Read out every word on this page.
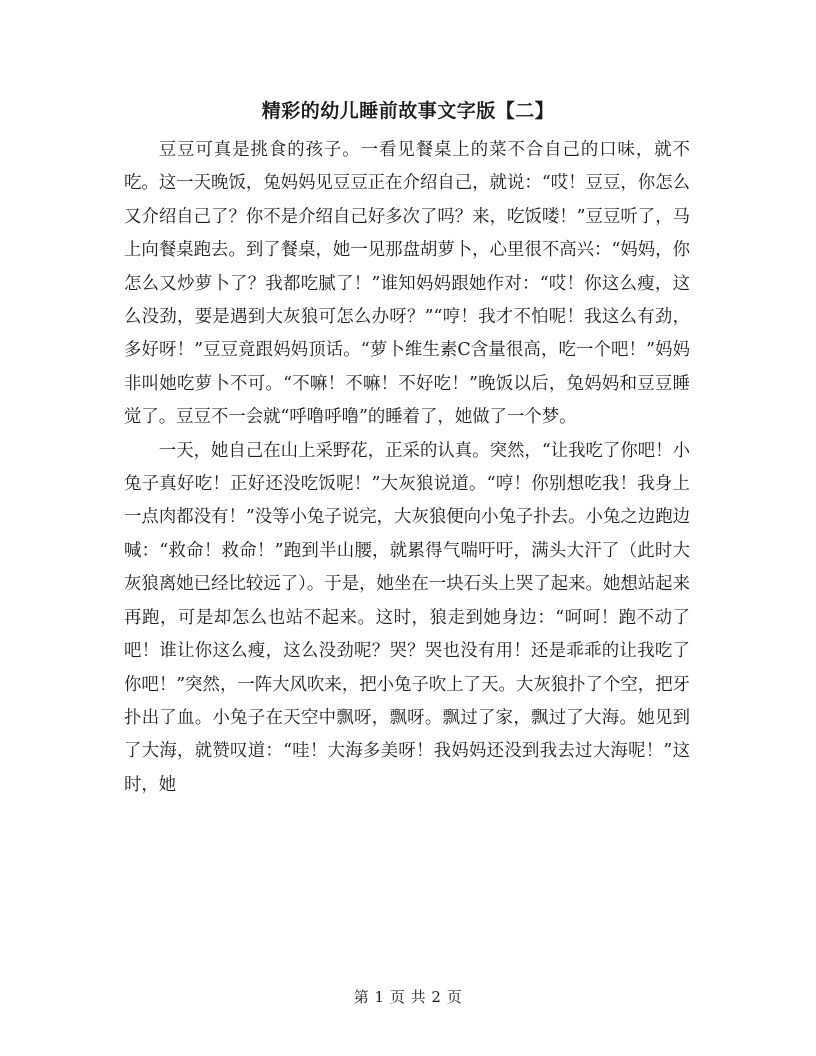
精彩的幼儿睡前故事文字版【二】

豆豆可真是挑食的孩子。一看见餐桌上的菜不合自己的口味，就不吃。这一天晚饭，兔妈妈见豆豆正在介绍自己，就说：“哎！豆豆，你怎么又介绍自己了？你不是介绍自己好多次了吗？来，吃饭喽！”豆豆听了，马上向餐桌跑去。到了餐桌，她一见那盘胡萝卜，心里很不高兴：“妈妈，你怎么又炒萝卜了？我都吃腻了！”谁知妈妈跟她作对：“哎！你这么瘦，这么没劲，要是遇到大灰狼可怎么办呀？”“哼！我才不怕呢！我这么有劲，多好呀！”豆豆竟跟妈妈顶话。“萝卜维生素C含量很高，吃一个吧！”妈妈非叫她吃萝卜不可。“不嘛！不嘛！不好吃！”晚饭以后，兔妈妈和豆豆睡觉了。豆豆不一会就“呼噜呼噜”的睡着了，她做了一个梦。

一天，她自己在山上采野花，正采的认真。突然，“让我吃了你吧！小兔子真好吃！正好还没吃饭呢！”大灰狼说道。“哼！你别想吃我！我身上一点肉都没有！”没等小兔子说完，大灰狼便向小兔子扑去。小兔之边跑边喊：“救命！救命！”跑到半山腰，就累得气喘吁吁，满头大汗了（此时大灰狼离她已经比较远了）。于是，她坐在一块石头上哭了起来。她想站起来再跑，可是却怎么也站不起来。这时，狼走到她身边：“呵呵！跑不动了吧！谁让你这么瘦，这么没劲呢？哭？哭也没有用！还是乖乖的让我吃了你吧！”突然，一阵大风吹来，把小兔子吹上了天。大灰狼扑了个空，把牙扑出了血。小兔子在天空中飘呀，飘呀。飘过了家，飘过了大海。她见到了大海，就赞叹道：“哇！大海多美呀！我妈妈还没到我去过大海呢！”这时，她

第 1 页 共 2 页
